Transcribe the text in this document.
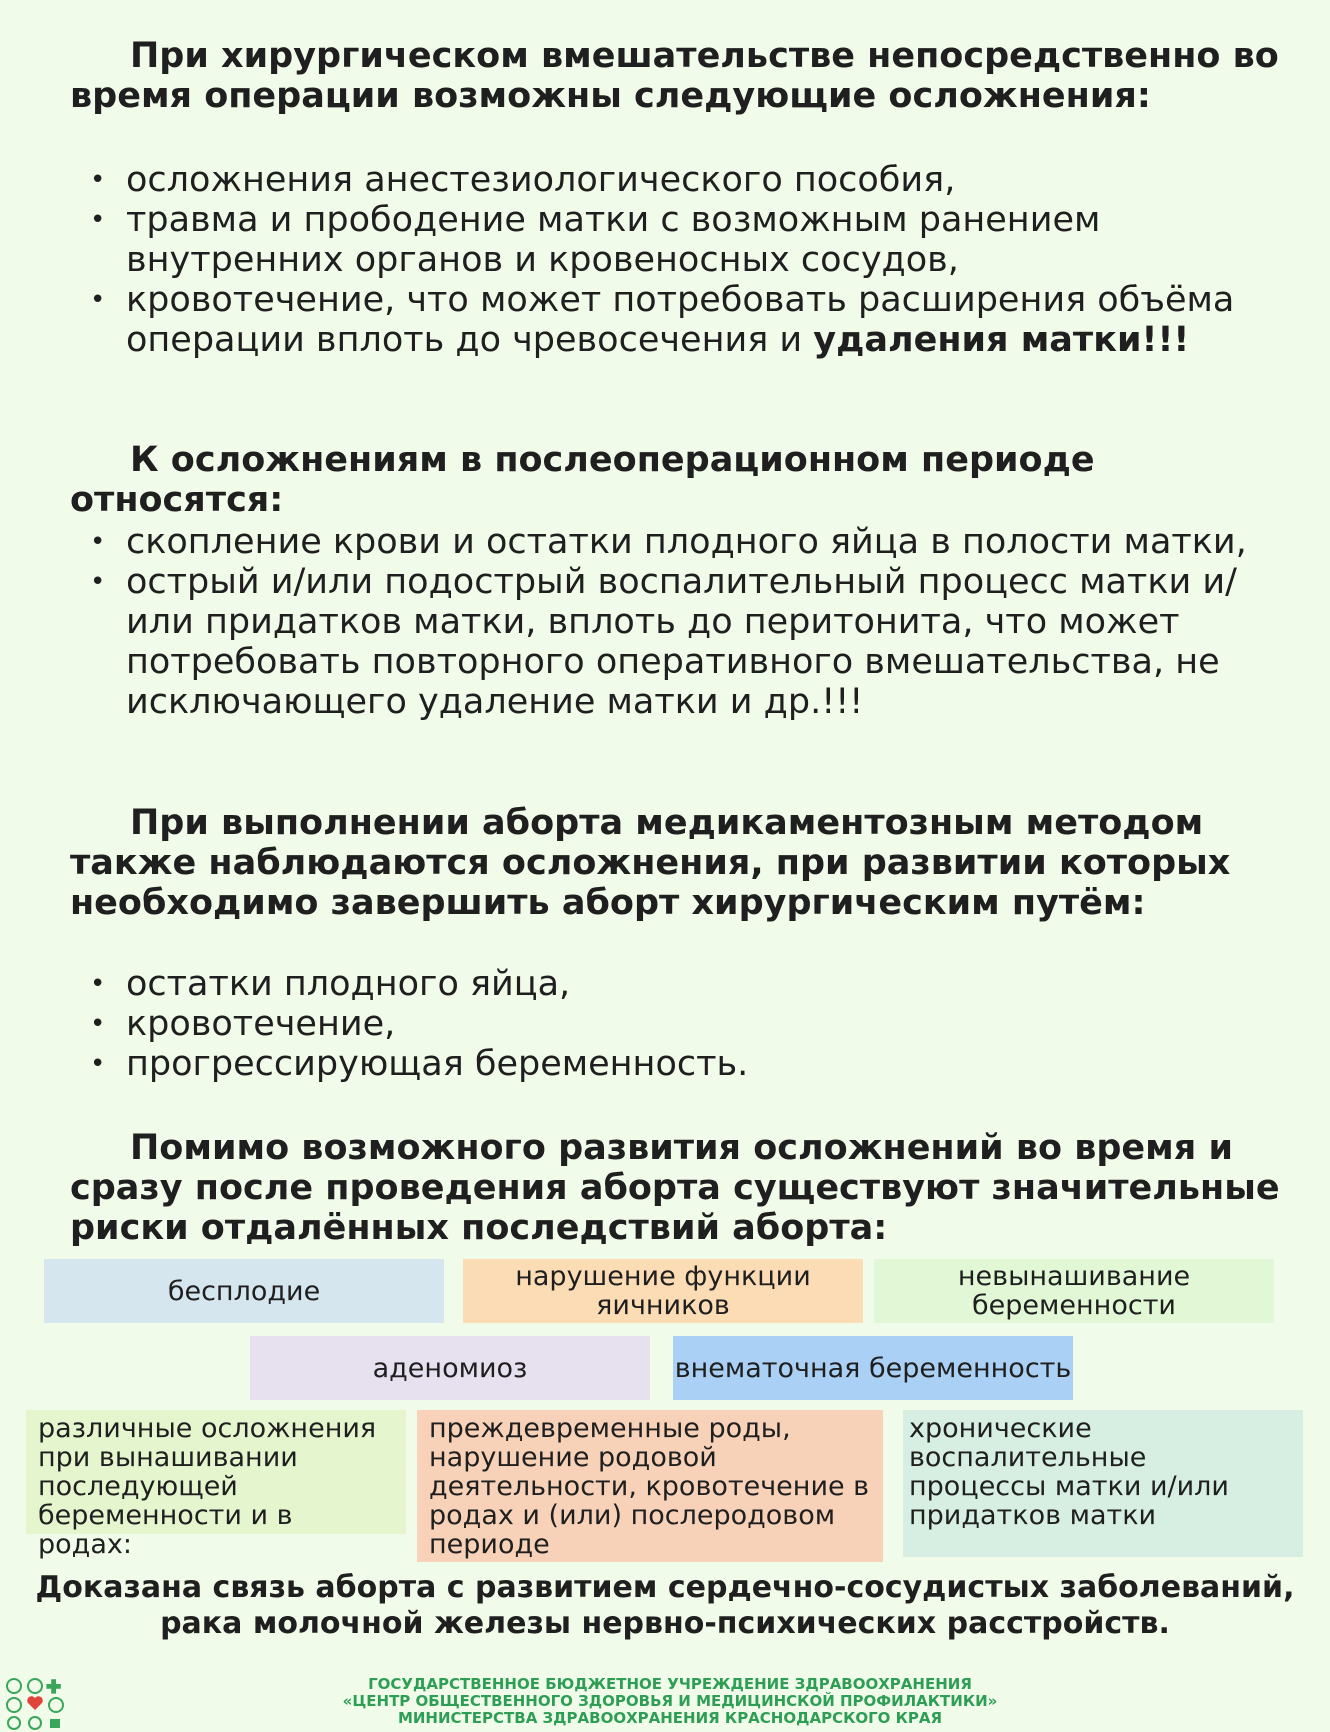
При хирургическом вмешательстве непосредственно во время операции возможны следующие осложнения:

• осложнения анестезиологического пособия,
• травма и прободение матки с возможным ранением внутренних органов и кровеносных сосудов,
• кровотечение, что может потребовать расширения объёма операции вплоть до чревосечения и удаления матки!!!

К осложнениям в послеоперационном периоде относятся:

• скопление крови и остатки плодного яйца в полости матки,
• острый и/или подострый воспалительный процесс матки и/или придатков матки, вплоть до перитонита, что может потребовать повторного оперативного вмешательства, не исключающего удаление матки и др.!!!

При выполнении аборта медикаментозным методом также наблюдаются осложнения, при развитии которых необходимо завершить аборт хирургическим путём:

• остатки плодного яйца,
• кровотечение,
• прогрессирующая беременность.

Помимо возможного развития осложнений во время и сразу после проведения аборта существуют значительные риски отдалённых последствий аборта:

бесплодие	нарушение функции яичников
невынашивание беременности
аденомиоз	внематочная беременность
различные осложнения при вынашивании последующей беременности и в родах:
преждевременные роды, нарушение родовой деятельности, кровотечение в родах и (или) послеродовом периоде
хронические воспалительные процессы матки и/или придатков матки
Доказана связь аборта с развитием сердечно-сосудистых заболеваний,
рака молочной железы нервно-психических расстройств.
ГОСУДАРСТВЕННОЕ БЮДЖЕТНОЕ УЧРЕЖДЕНИЕ ЗДРАВООХРАНЕНИЯ
«ЦЕНТР ОБЩЕСТВЕННОГО ЗДОРОВЬЯ И МЕДИЦИНСКОЙ ПРОФИЛАКТИКИ»
МИНИСТЕРСТВА ЗДРАВООХРАНЕНИЯ КРАСНОДАРСКОГО КРАЯ
